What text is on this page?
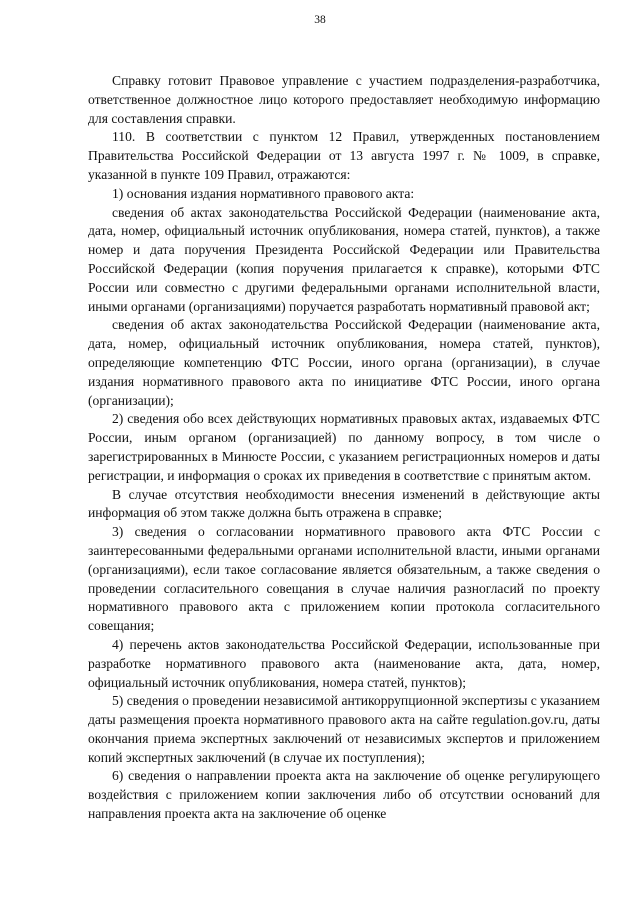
38

Справку готовит Правовое управление с участием подразделения-разработчика, ответственное должностное лицо которого предоставляет необходимую информацию для составления справки.

110. В соответствии с пунктом 12 Правил, утвержденных постановлением Правительства Российской Федерации от 13 августа 1997 г. № 1009, в справке, указанной в пункте 109 Правил, отражаются:

1) основания издания нормативного правового акта:

сведения об актах законодательства Российской Федерации (наименование акта, дата, номер, официальный источник опубликования, номера статей, пунктов), а также номер и дата поручения Президента Российской Федерации или Правительства Российской Федерации (копия поручения прилагается к справке), которыми ФТС России или совместно с другими федеральными органами исполнительной власти, иными органами (организациями) поручается разработать нормативный правовой акт;

сведения об актах законодательства Российской Федерации (наименование акта, дата, номер, официальный источник опубликования, номера статей, пунктов), определяющие компетенцию ФТС России, иного органа (организации), в случае издания нормативного правового акта по инициативе ФТС России, иного органа (организации);

2) сведения обо всех действующих нормативных правовых актах, издаваемых ФТС России, иным органом (организацией) по данному вопросу, в том числе о зарегистрированных в Минюсте России, с указанием регистрационных номеров и даты регистрации, и информация о сроках их приведения в соответствие с принятым актом.

В случае отсутствия необходимости внесения изменений в действующие акты информация об этом также должна быть отражена в справке;

3) сведения о согласовании нормативного правового акта ФТС России с заинтересованными федеральными органами исполнительной власти, иными органами (организациями), если такое согласование является обязательным, а также сведения о проведении согласительного совещания в случае наличия разногласий по проекту нормативного правового акта с приложением копии протокола согласительного совещания;

4) перечень актов законодательства Российской Федерации, использованные при разработке нормативного правового акта (наименование акта, дата, номер, официальный источник опубликования, номера статей, пунктов);

5) сведения о проведении независимой антикоррупционной экспертизы с указанием даты размещения проекта нормативного правового акта на сайте regulation.gov.ru, даты окончания приема экспертных заключений от независимых экспертов и приложением копий экспертных заключений (в случае их поступления);

6) сведения о направлении проекта акта на заключение об оценке регулирующего воздействия с приложением копии заключения либо об отсутствии оснований для направления проекта акта на заключение об оценке
